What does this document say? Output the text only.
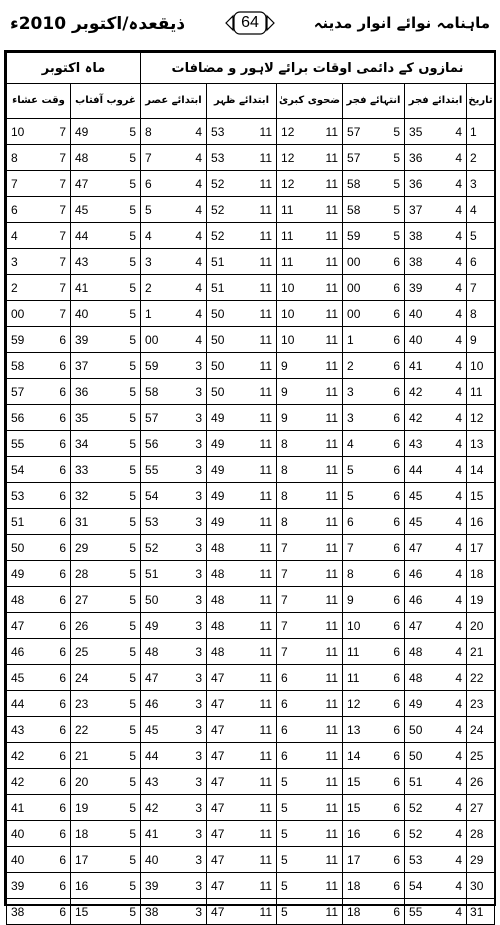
ذیقعدہ/اکتوبر 2010ء	64	ماہنامہ نوائے انوار مدینہ
ماہ اکتوبر		نمازوں کے دائمی اوقات برائے لاہور و مضافات					
وقت عشاء	غروب آفتاب	ابتدائے عصر	ابتدائے ظہر	ضحوی کبریٰ	انتہائے فجر	ابتدائے فجر	تاریخ

10 7	49 5	8 4	53 11	12 11	57 5	35 4	1

8 7	48 5	7 4	53 11	12 11	57 5	36 4	2

7 7	47 5	6 4	52 11	12 11	58 5	36 4	3

6 7	45 5	5 4	52 11	11 11	58 5	37 4	4

4 7	44 5	4 4	52 11	11 11	59 5	38 4	5

3 7	43 5	3 4	51 11	11 11	00 6	38 4	6

2 7	41 5	2 4	51 11	10 11	00 6	39 4	7

00 7	40 5	1 4	50 11	10 11	00 6	40 4	8

59 6	39 5	00 4	50 11	10 11	1 6	40 4	9

58 6	37 5	59 3	50 11	9 11	2 6	41 4	10

57 6	36 5	58 3	50 11	9 11	3 6	42 4	11

56 6	35 5	57 3	49 11	9 11	3 6	42 4	12

55 6	34 5	56 3	49 11	8 11	4 6	43 4	13

54 6	33 5	55 3	49 11	8 11	5 6	44 4	14

53 6	32 5	54 3	49 11	8 11	5 6	45 4	15

51 6	31 5	53 3	49 11	8 11	6 6	45 4	16

50 6	29 5	52 3	48 11	7 11	7 6	47 4	17

49 6	28 5	51 3	48 11	7 11	8 6	46 4	18

48 6	27 5	50 3	48 11	7 11	9 6	46 4	19

47 6	26 5	49 3	48 11	7 11	10 6	47 4	20

46 6	25 5	48 3	48 11	7 11	11 6	48 4	21

45 6	24 5	47 3	47 11	6 11	11 6	48 4	22

44 6	23 5	46 3	47 11	6 11	12 6	49 4	23

43 6	22 5	45 3	47 11	6 11	13 6	50 4	24

42 6	21 5	44 3	47 11	6 11	14 6	50 4	25

42 6	20 5	43 3	47 11	5 11	15 6	51 4	26

41 6	19 5	42 3	47 11	5 11	15 6	52 4	27

40 6	18 5	41 3	47 11	5 11	16 6	52 4	28

40 6	17 5	40 3	47 11	5 11	17 6	53 4	29

39 6	16 5	39 3	47 11	5 11	18 6	54 4	30

38 6	15 5	38 3	47 11	5 11	18 6	55 4	31
